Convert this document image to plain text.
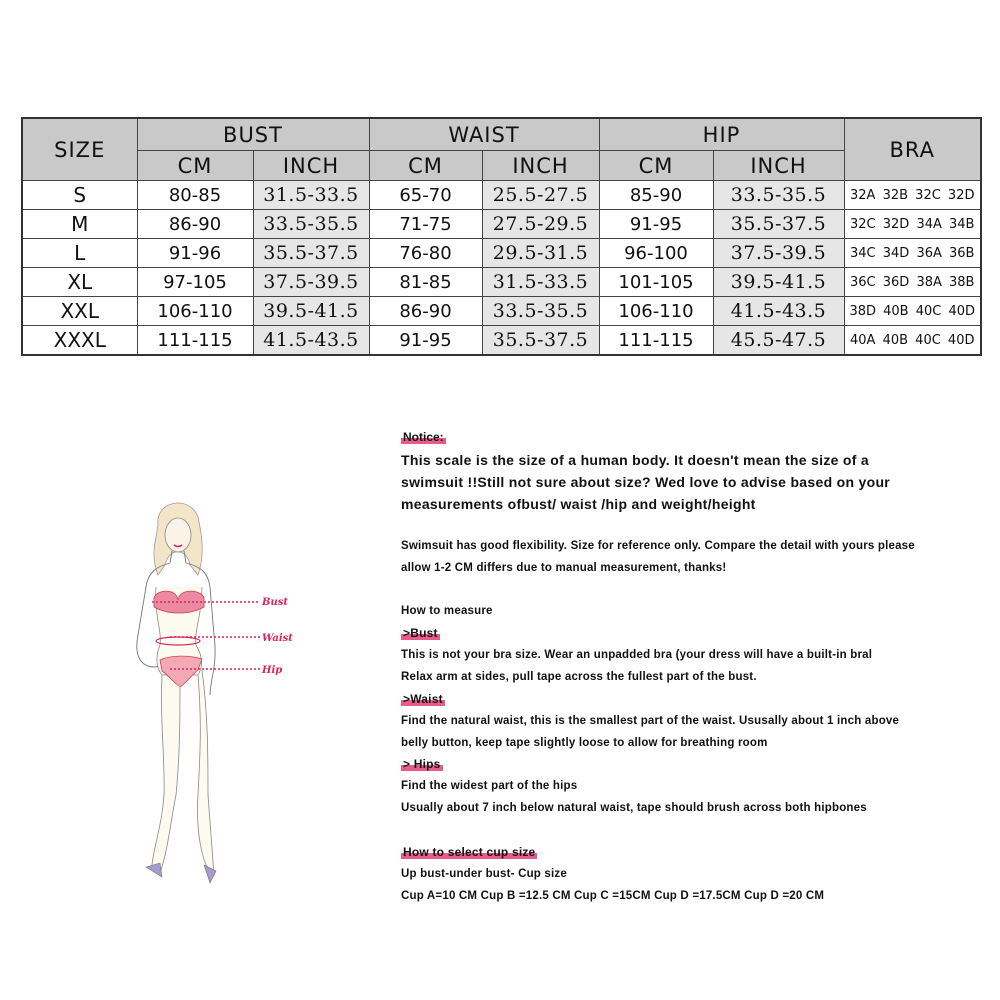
SIZE	BUST		WAIST		HIP		BRA
	CM	INCH	CM	INCH	CM	INCH	
S	80-85	31.5-33.5	65-70	25.5-27.5	85-90	33.5-35.5	32A 32B 32C 32D
M	86-90	33.5-35.5	71-75	27.5-29.5	91-95	35.5-37.5	32C 32D 34A 34B
L	91-96	35.5-37.5	76-80	29.5-31.5	96-100	37.5-39.5	34C 34D 36A 36B
XL	97-105	37.5-39.5	81-85	31.5-33.5	101-105	39.5-41.5	36C 36D 38A 38B
XXL	106-110	39.5-41.5	86-90	33.5-35.5	106-110	41.5-43.5	38D 40B 40C 40D
XXXL	111-115	41.5-43.5	91-95	35.5-37.5	111-115	45.5-47.5	40A 40B 40C 40D
Bust
Waist
Hip

Notice:

This scale is the size of a human body. It doesn't mean the size of a

swimsuit !!Still not sure about size? Wed love to advise based on your

measurements ofbust/ waist /hip and weight/height

Swimsuit has good flexibility. Size for reference only. Compare the detail with yours please

allow 1-2 CM differs due to manual measurement, thanks!

How to measure

>Bust

This is not your bra size. Wear an unpadded bra (your dress will have a built-in bral

Relax arm at sides, pull tape across the fullest part of the bust.

>Waist

Find the natural waist, this is the smallest part of the waist. Ususally about 1 inch above

belly button, keep tape slightly loose to allow for breathing room

> Hips

Find the widest part of the hips

Usually about 7 inch below natural waist, tape should brush across both hipbones

How to select cup size

Up bust-under bust- Cup size

Cup A=10 CM Cup B =12.5 CM Cup C =15CM Cup D =17.5CM Cup D =20 CM
